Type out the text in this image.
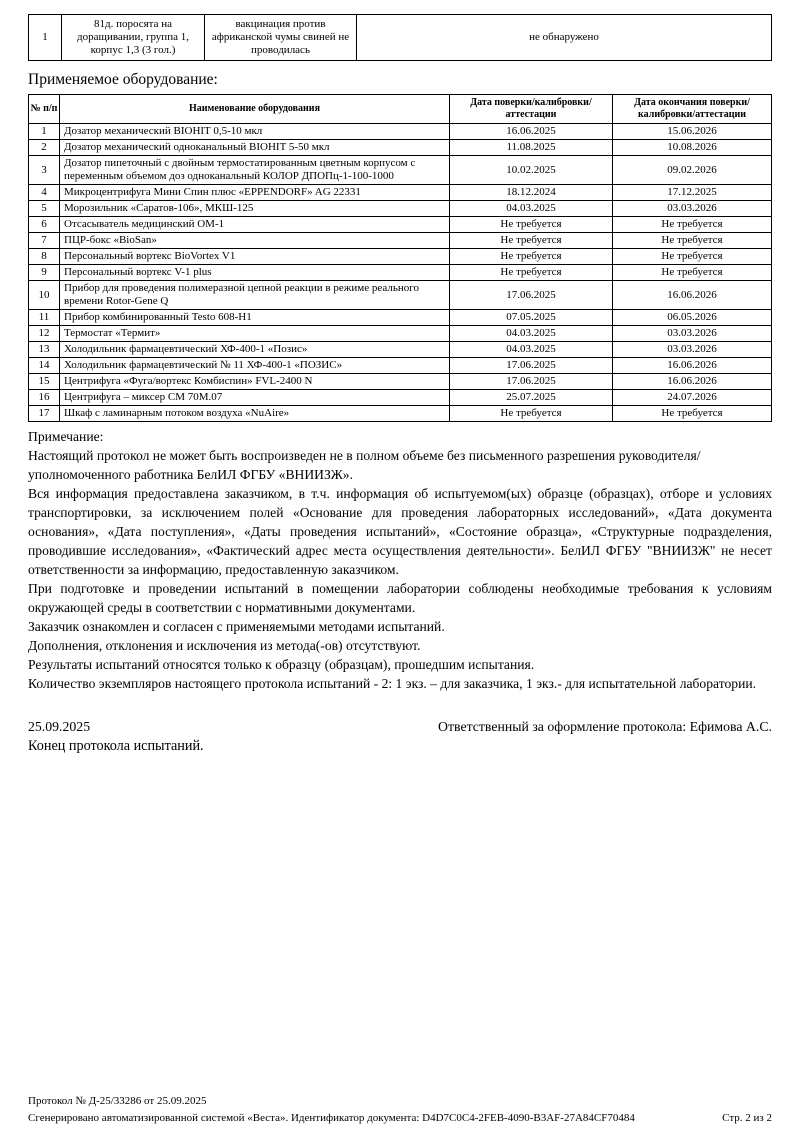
1	81д. поросята на доращивании, группа 1, корпус 1,3 (3 гол.)	вакцинация против африканской чумы свиней не проводилась	не обнаружено
Применяемое оборудование:
№ п/п	Наименование оборудования	Дата поверки/калибровки/аттестации	Дата окончания поверки/калибровки/аттестации
1	Дозатор механический BIOHIT 0,5-10 мкл	16.06.2025	15.06.2026
2	Дозатор механический одноканальный BIOHIT 5-50 мкл	11.08.2025	10.08.2026
3	Дозатор пипеточный с двойным термостатированным цветным корпусом с переменным объемом доз одноканальный КОЛОР ДПОПц-1-100-1000	10.02.2025	09.02.2026
4	Микроцентрифуга Мини Спин плюс «EPPENDORF» AG 22331	18.12.2024	17.12.2025
5	Морозильник «Саратов-106», МКШ-125	04.03.2025	03.03.2026
6	Отсасыватель медицинский ОМ-1	Не требуется	Не требуется
7	ПЦР-бокс «BioSan»	Не требуется	Не требуется
8	Персональный вортекс BioVortex V1	Не требуется	Не требуется
9	Персональный вортекс V-1 plus	Не требуется	Не требуется
10	Прибор для проведения полимеразной цепной реакции в режиме реального времени Rotor-Gene Q	17.06.2025	16.06.2026
11	Прибор комбинированный Testo 608-H1	07.05.2025	06.05.2026
12	Термостат «Термит»	04.03.2025	03.03.2026
13	Холодильник фармацевтический ХФ-400-1 «Позис»	04.03.2025	03.03.2026
14	Холодильник фармацевтический № 11 ХФ-400-1 «ПОЗИС»	17.06.2025	16.06.2026
15	Центрифуга «Фуга/вортекс Комбиспин» FVL-2400 N	17.06.2025	16.06.2026
16	Центрифуга – миксер СМ 70М.07	25.07.2025	24.07.2026
17	Шкаф с ламинарным потоком воздуха «NuAire»	Не требуется	Не требуется
Примечание:

Настоящий протокол не может быть воспроизведен не в полном объеме без письменного разрешения руководителя/уполномоченного работника БелИЛ ФГБУ «ВНИИЗЖ».

Вся информация предоставлена заказчиком, в т.ч. информация об испытуемом(ых) образце (образцах), отборе и условиях транспортировки, за исключением полей «Основание для проведения лабораторных исследований», «Дата документа основания», «Дата поступления», «Даты проведения испытаний», «Состояние образца», «Структурные подразделения, проводившие исследования», «Фактический адрес места осуществления деятельности». БелИЛ ФГБУ "ВНИИЗЖ" не несет ответственности за информацию, предоставленную заказчиком.

При подготовке и проведении испытаний в помещении лаборатории соблюдены необходимые требования к условиям окружающей среды в соответствии с нормативными документами.

Заказчик ознакомлен и согласен с применяемыми методами испытаний.

Дополнения, отклонения и исключения из метода(-ов) отсутствуют.

Результаты испытаний относятся только к образцу (образцам), прошедшим испытания.

Количество экземпляров настоящего протокола испытаний - 2: 1 экз. – для заказчика, 1 экз.- для испытательной лаборатории.

25.09.2025	Ответственный за оформление протокола: Ефимова А.С.
Конец протокола испытаний.
Протокол № Д-25/33286 от 25.09.2025
Сгенерировано автоматизированной системой «Веста». Идентификатор документа: D4D7C0C4-2FEB-4090-B3AF-27A84CF70484	Стр. 2 из 2
